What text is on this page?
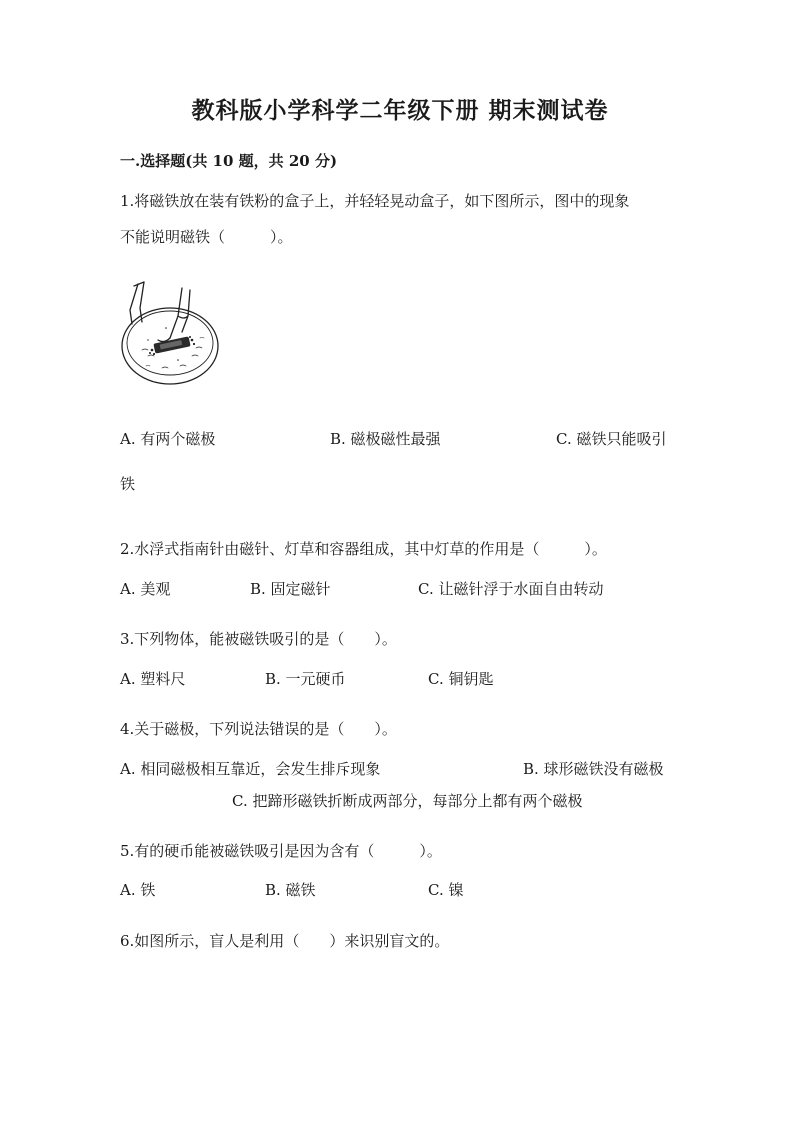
教科版小学科学二年级下册 期末测试卷
一.选择题(共 10 题，共 20 分)
1.将磁铁放在装有铁粉的盒子上，并轻轻晃动盒子，如下图所示，图中的现象
不能说明磁铁（　　　）。
A. 有两个磁极	B. 磁极磁性最强	C. 磁铁只能吸引
铁
2.水浮式指南针由磁针、灯草和容器组成，其中灯草的作用是（　　　）。
A. 美观	B. 固定磁针	C. 让磁针浮于水面自由转动
3.下列物体，能被磁铁吸引的是（　　）。
A. 塑料尺	B. 一元硬币	C. 铜钥匙
4.关于磁极，下列说法错误的是（　　）。
A. 相同磁极相互靠近，会发生排斥现象	B. 球形磁铁没有磁极
C. 把蹄形磁铁折断成两部分，每部分上都有两个磁极
5.有的硬币能被磁铁吸引是因为含有（　　　）。
A. 铁	B. 磁铁	C. 镍
6.如图所示，盲人是利用（　　）来识别盲文的。
